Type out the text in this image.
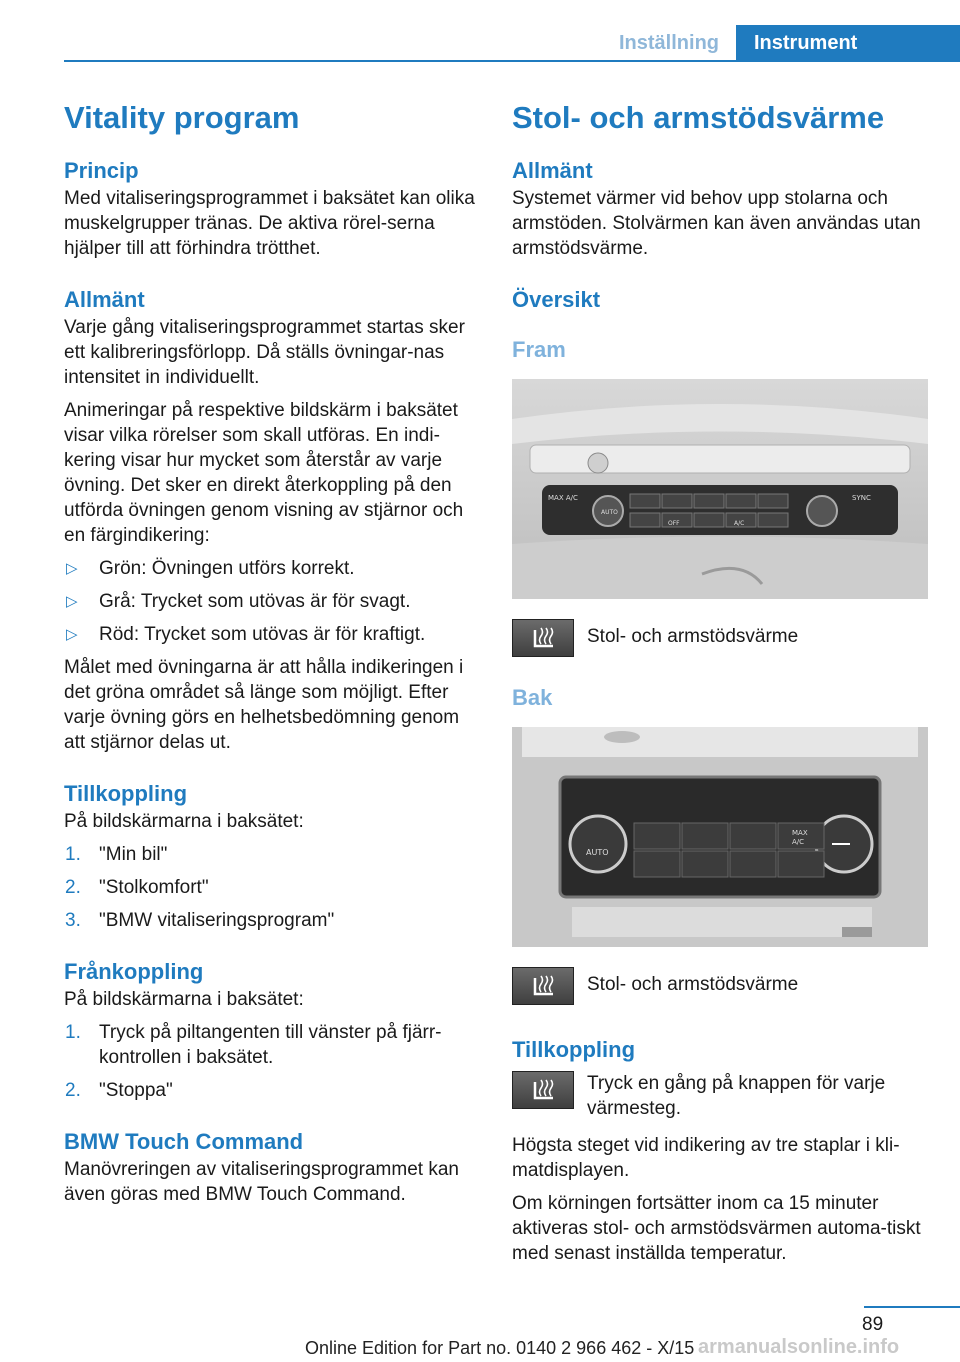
Inställning	Instrument
Vitality program
Princip

Med vitaliseringsprogrammet i baksätet kan olika muskelgrupper tränas. De aktiva rörel-serna hjälper till att förhindra trötthet.

Allmänt

Varje gång vitaliseringsprogrammet startas sker ett kalibreringsförlopp. Då ställs övningar-nas intensitet in individuellt.

Animeringar på respektive bildskärm i baksätet visar vilka rörelser som skall utföras. En indi-kering visar hur mycket som återstår av varje övning. Det sker en direkt återkoppling på den utförda övningen genom visning av stjärnor och en färgindikering:

▷ Grön: Övningen utförs korrekt.
▷ Grå: Trycket som utövas är för svagt.
▷ Röd: Trycket som utövas är för kraftigt.

Målet med övningarna är att hålla indikeringen i det gröna området så länge som möjligt. Efter varje övning görs en helhetsbedömning genom att stjärnor delas ut.

Tillkoppling

På bildskärmarna i baksätet:

1. "Min bil"
2. "Stolkomfort"
3. "BMW vitaliseringsprogram"
Frånkoppling

På bildskärmarna i baksätet:

1. Tryck på piltangenten till vänster på fjärr-kontrollen i baksätet.
2. "Stoppa"
BMW Touch Command

Manövreringen av vitaliseringsprogrammet kan även göras med BMW Touch Command.

Stol- och armstödsvärme
Allmänt

Systemet värmer vid behov upp stolarna och armstöden. Stolvärmen kan även användas utan armstödsvärme.

Översikt
Fram
MAX A/C	SYNC
AUTO
OFF	A/C
Stol- och armstödsvärme
Bak
AUTO
MAX
A/C
Stol- och armstödsvärme
Tillkoppling
Tryck en gång på knappen för varje värmesteg.

Högsta steget vid indikering av tre staplar i kli-matdisplayen.

Om körningen fortsätter inom ca 15 minuter aktiveras stol- och armstödsvärmen automa-tiskt med senast inställda temperatur.

89
Online Edition for Part no. 0140 2 966 462 - X/15 armanualsonline.info
